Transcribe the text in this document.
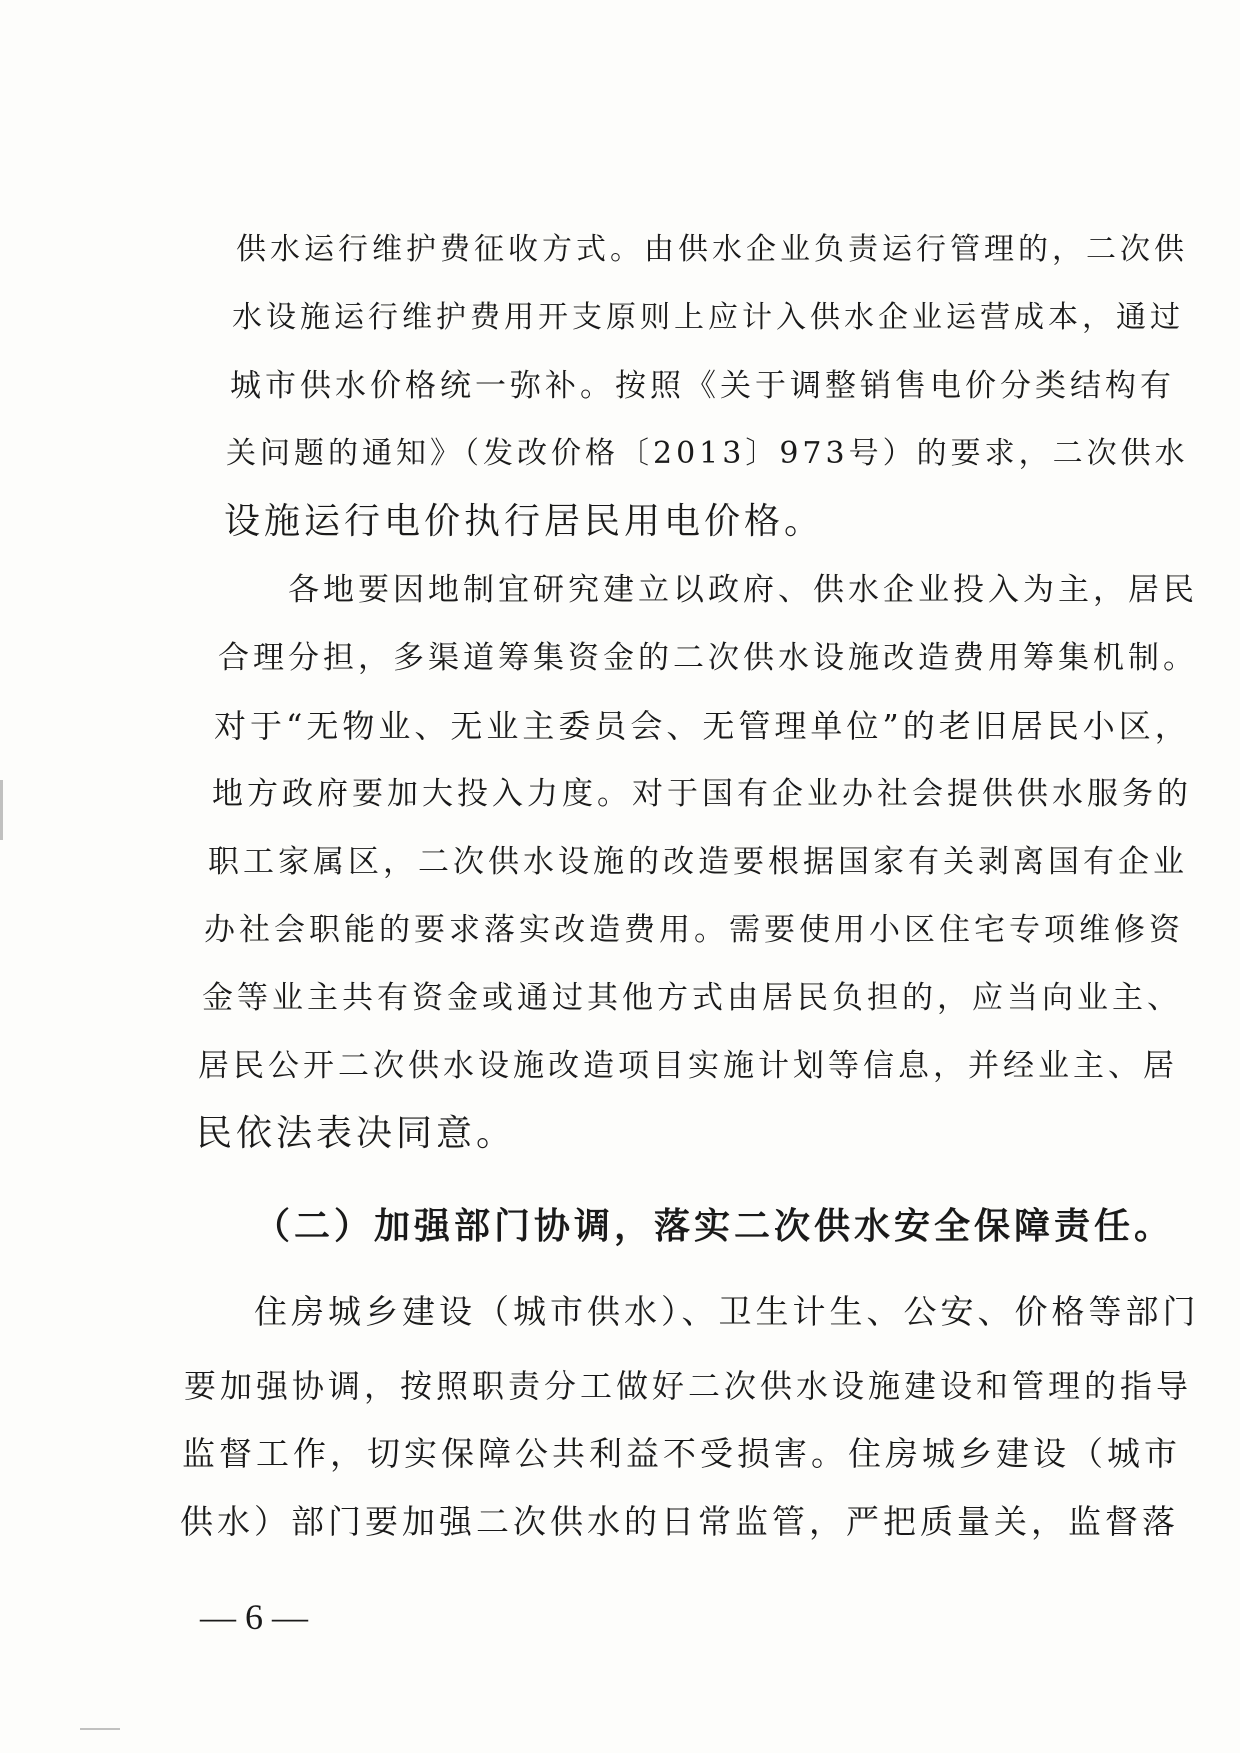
供水运行维护费征收方式。由供水企业负责运行管理的，二次供
水设施运行维护费用开支原则上应计入供水企业运营成本，通过
城市供水价格统一弥补。按照《关于调整销售电价分类结构有
关问题的通知》（发改价格〔2013〕973号）的要求，二次供水
设施运行电价执行居民用电价格。
各地要因地制宜研究建立以政府、供水企业投入为主，居民
合理分担，多渠道筹集资金的二次供水设施改造费用筹集机制。
对于“无物业、无业主委员会、无管理单位”的老旧居民小区，
地方政府要加大投入力度。对于国有企业办社会提供供水服务的
职工家属区，二次供水设施的改造要根据国家有关剥离国有企业
办社会职能的要求落实改造费用。需要使用小区住宅专项维修资
金等业主共有资金或通过其他方式由居民负担的，应当向业主、
居民公开二次供水设施改造项目实施计划等信息，并经业主、居
民依法表决同意。
（二）加强部门协调，落实二次供水安全保障责任。
住房城乡建设（城市供水）、卫生计生、公安、价格等部门
要加强协调，按照职责分工做好二次供水设施建设和管理的指导
监督工作，切实保障公共利益不受损害。住房城乡建设（城市
供水）部门要加强二次供水的日常监管，严把质量关，监督落
— 6 —
